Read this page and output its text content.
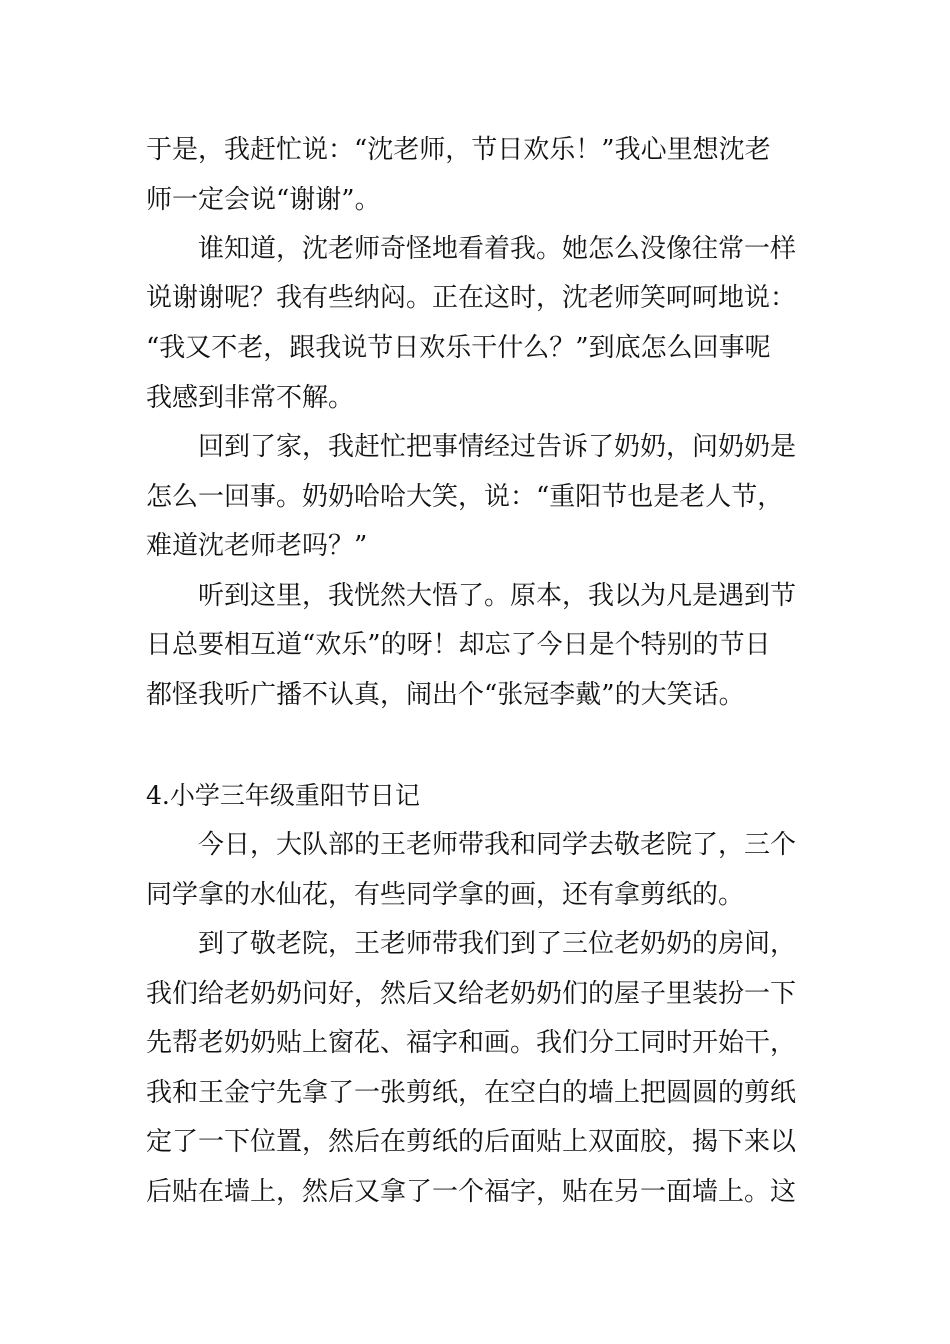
于是，我赶忙说：“沈老师，节日欢乐！”我心里想沈老
师一定会说“谢谢”。
谁知道，沈老师奇怪地看着我。她怎么没像往常一样
说谢谢呢？我有些纳闷。正在这时，沈老师笑呵呵地说：
“我又不老，跟我说节日欢乐干什么？”到底怎么回事呢
我感到非常不解。
回到了家，我赶忙把事情经过告诉了奶奶，问奶奶是
怎么一回事。奶奶哈哈大笑，说：“重阳节也是老人节，
难道沈老师老吗？”
听到这里，我恍然大悟了。原本，我以为凡是遇到节
日总要相互道“欢乐”的呀！却忘了今日是个特别的节日
都怪我听广播不认真，闹出个“张冠李戴”的大笑话。
4.小学三年级重阳节日记
今日，大队部的王老师带我和同学去敬老院了，三个
同学拿的水仙花，有些同学拿的画，还有拿剪纸的。
到了敬老院，王老师带我们到了三位老奶奶的房间，
我们给老奶奶问好，然后又给老奶奶们的屋子里装扮一下
先帮老奶奶贴上窗花、福字和画。我们分工同时开始干，
我和王金宁先拿了一张剪纸，在空白的墙上把圆圆的剪纸
定了一下位置，然后在剪纸的后面贴上双面胶，揭下来以
后贴在墙上，然后又拿了一个福字，贴在另一面墙上。这
